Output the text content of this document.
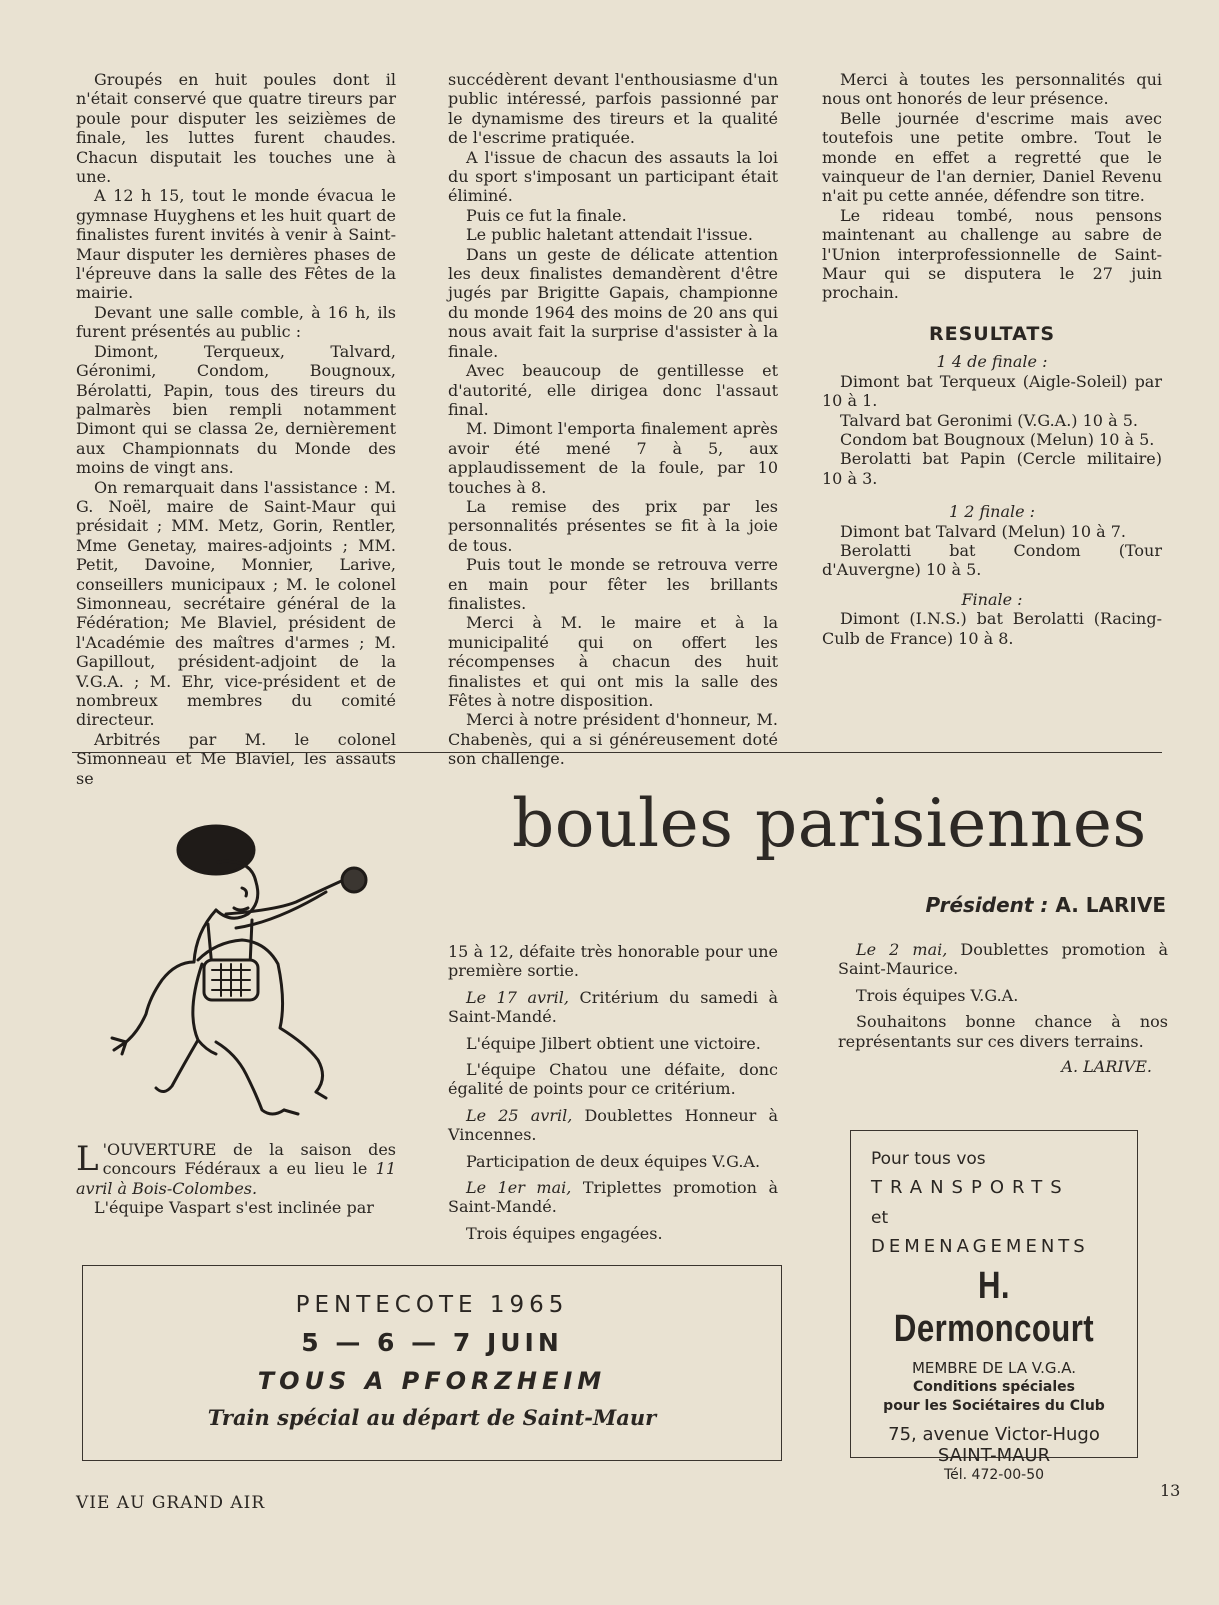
Groupés en huit poules dont il n'était conservé que quatre tireurs par poule pour disputer les seizièmes de finale, les luttes furent chaudes. Chacun disputait les touches une à une.

A 12 h 15, tout le monde évacua le gymnase Huyghens et les huit quart de finalistes furent invités à venir à Saint-Maur disputer les dernières phases de l'épreuve dans la salle des Fêtes de la mairie.

Devant une salle comble, à 16 h, ils furent présentés au public :

Dimont, Terqueux, Talvard, Géronimi, Condom, Bougnoux, Bérolatti, Papin, tous des tireurs du palmarès bien rempli notamment Dimont qui se classa 2e, dernièrement aux Championnats du Monde des moins de vingt ans.

On remarquait dans l'assistance : M. G. Noël, maire de Saint-Maur qui présidait ; MM. Metz, Gorin, Rentler, Mme Genetay, maires-adjoints ; MM. Petit, Davoine, Monnier, Larive, conseillers municipaux ; M. le colonel Simonneau, secrétaire général de la Fédération; Me Blaviel, président de l'Académie des maîtres d'armes ; M. Gapillout, président-adjoint de la V.G.A. ; M. Ehr, vice-président et de nombreux membres du comité directeur.

Arbitrés par M. le colonel Simonneau et Me Blaviel, les assauts se

succédèrent devant l'enthousiasme d'un public intéressé, parfois passionné par le dynamisme des tireurs et la qualité de l'escrime pratiquée.

A l'issue de chacun des assauts la loi du sport s'imposant un participant était éliminé.

Puis ce fut la finale.

Le public haletant attendait l'issue.

Dans un geste de délicate attention les deux finalistes demandèrent d'être jugés par Brigitte Gapais, championne du monde 1964 des moins de 20 ans qui nous avait fait la surprise d'assister à la finale.

Avec beaucoup de gentillesse et d'autorité, elle dirigea donc l'assaut final.

M. Dimont l'emporta finalement après avoir été mené 7 à 5, aux applaudissement de la foule, par 10 touches à 8.

La remise des prix par les personnalités présentes se fit à la joie de tous.

Puis tout le monde se retrouva verre en main pour fêter les brillants finalistes.

Merci à M. le maire et à la municipalité qui on offert les récompenses à chacun des huit finalistes et qui ont mis la salle des Fêtes à notre disposition.

Merci à notre président d'honneur, M. Chabenès, qui a si généreusement doté son challenge.

Merci à toutes les personnalités qui nous ont honorés de leur présence.

Belle journée d'escrime mais avec toutefois une petite ombre. Tout le monde en effet a regretté que le vainqueur de l'an dernier, Daniel Revenu n'ait pu cette année, défendre son titre.

Le rideau tombé, nous pensons maintenant au challenge au sabre de l'Union interprofessionnelle de Saint-Maur qui se disputera le 27 juin prochain.

RESULTATS

1 4 de finale :

Dimont bat Terqueux (Aigle-Soleil) par 10 à 1.

Talvard bat Geronimi (V.G.A.) 10 à 5.

Condom bat Bougnoux (Melun) 10 à 5.

Berolatti bat Papin (Cercle militaire) 10 à 3.

1 2 finale :

Dimont bat Talvard (Melun) 10 à 7.

Berolatti bat Condom (Tour d'Auvergne) 10 à 5.

Finale :

Dimont (I.N.S.) bat Berolatti (Racing-Culb de France) 10 à 8.

boules parisiennes
Président : A. LARIVE

L 'OUVERTURE de la saison des concours Fédéraux a eu lieu le 11 avril à Bois-Colombes.

L'équipe Vaspart s'est inclinée par

15 à 12, défaite très honorable pour une première sortie.

Le 17 avril, Critérium du samedi à Saint-Mandé.

L'équipe Jilbert obtient une victoire.

L'équipe Chatou une défaite, donc égalité de points pour ce critérium.

Le 25 avril, Doublettes Honneur à Vincennes.

Participation de deux équipes V.G.A.

Le 1er mai, Triplettes promotion à Saint-Mandé.

Trois équipes engagées.

Le 2 mai, Doublettes promotion à Saint-Maurice.

Trois équipes V.G.A.

Souhaitons bonne chance à nos représentants sur ces divers terrains.

A. LARIVE.
PENTECOTE 1965
5 — 6 — 7 JUIN
TOUS A PFORZHEIM
Train spécial au départ de Saint-Maur
Pour tous vos
TRANSPORTS
et
DEMENAGEMENTS
H. Dermoncourt
MEMBRE DE LA V.G.A.
Conditions spéciales
pour les Sociétaires du Club
75, avenue Victor-Hugo
SAINT-MAUR
Tél. 472-00-50
VIE AU GRAND AIR
13
